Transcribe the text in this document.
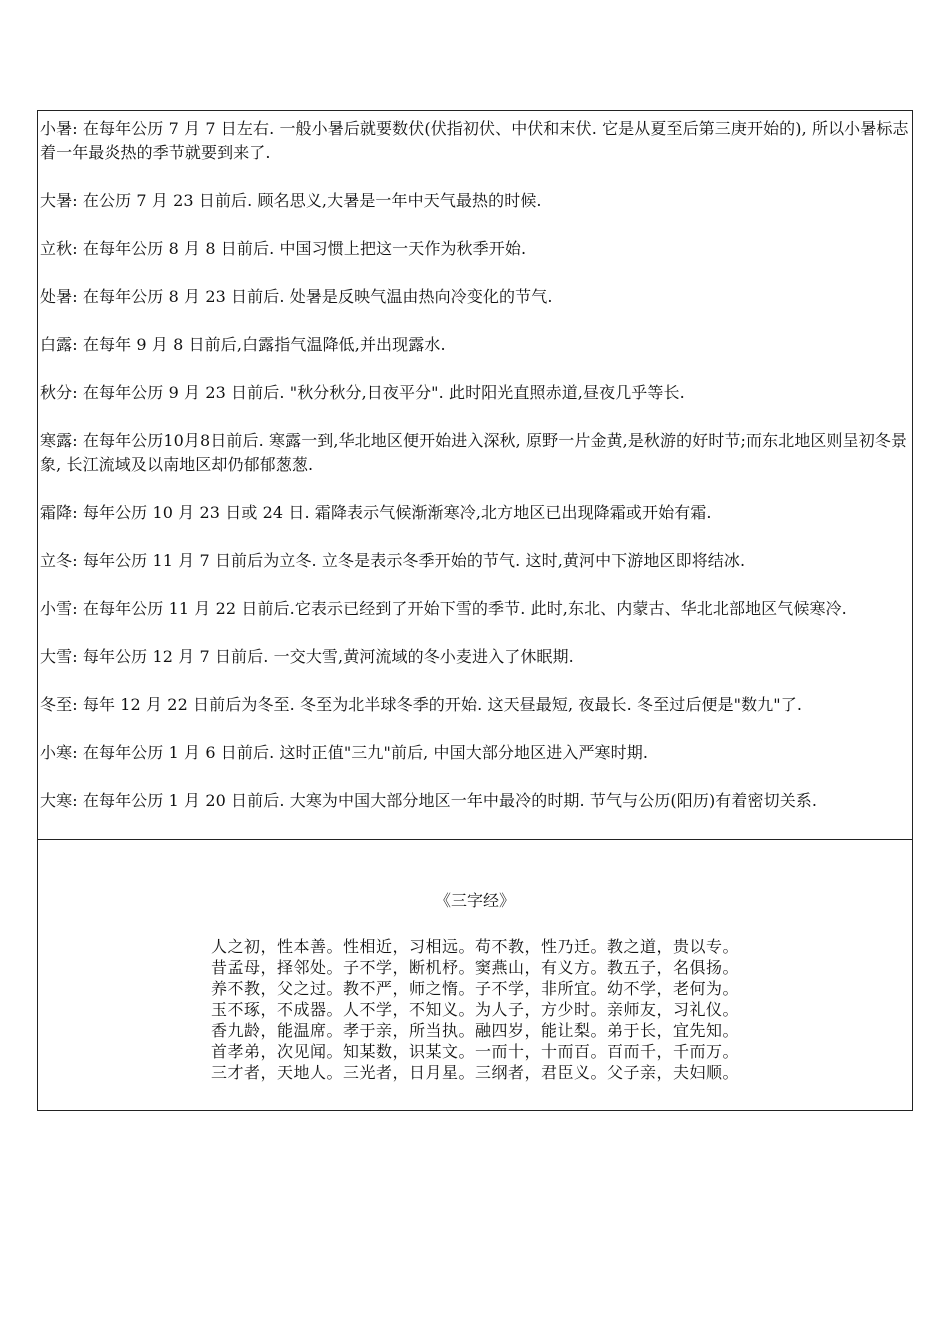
小暑: 在每年公历 7 月 7 日左右. 一般小暑后就要数伏(伏指初伏、中伏和末伏. 它是从夏至后第三庚开始的), 所以小暑标志着一年最炎热的季节就要到来了.

大暑: 在公历 7 月 23 日前后. 顾名思义,大暑是一年中天气最热的时候.

立秋: 在每年公历 8 月 8 日前后. 中国习惯上把这一天作为秋季开始.

处暑: 在每年公历 8 月 23 日前后. 处暑是反映气温由热向冷变化的节气.

白露: 在每年 9 月 8 日前后,白露指气温降低,并出现露水.

秋分: 在每年公历 9 月 23 日前后. "秋分秋分,日夜平分". 此时阳光直照赤道,昼夜几乎等长.

寒露: 在每年公历10月8日前后. 寒露一到,华北地区便开始进入深秋, 原野一片金黄,是秋游的好时节;而东北地区则呈初冬景象, 长江流域及以南地区却仍郁郁葱葱.

霜降: 每年公历 10 月 23 日或 24 日. 霜降表示气候渐渐寒冷,北方地区已出现降霜或开始有霜.

立冬: 每年公历 11 月 7 日前后为立冬. 立冬是表示冬季开始的节气. 这时,黄河中下游地区即将结冰.

小雪: 在每年公历 11 月 22 日前后.它表示已经到了开始下雪的季节. 此时,东北、内蒙古、华北北部地区气候寒冷.

大雪: 每年公历 12 月 7 日前后. 一交大雪,黄河流域的冬小麦进入了休眠期.

冬至: 每年 12 月 22 日前后为冬至. 冬至为北半球冬季的开始. 这天昼最短, 夜最长. 冬至过后便是"数九"了.

小寒: 在每年公历 1 月 6 日前后. 这时正值"三九"前后, 中国大部分地区进入严寒时期.

大寒: 在每年公历 1 月 20 日前后. 大寒为中国大部分地区一年中最冷的时期. 节气与公历(阳历)有着密切关系.

《三字经》
人之初，性本善。性相近，习相远。苟不教，性乃迁。教之道，贵以专。
昔孟母，择邻处。子不学，断机杼。窦燕山，有义方。教五子，名俱扬。
养不教，父之过。教不严，师之惰。子不学，非所宜。幼不学，老何为。
玉不琢，不成器。人不学，不知义。为人子，方少时。亲师友，习礼仪。
香九龄，能温席。孝于亲，所当执。融四岁，能让梨。弟于长，宜先知。
首孝弟，次见闻。知某数，识某文。一而十，十而百。百而千，千而万。
三才者，天地人。三光者，日月星。三纲者，君臣义。父子亲，夫妇顺。
